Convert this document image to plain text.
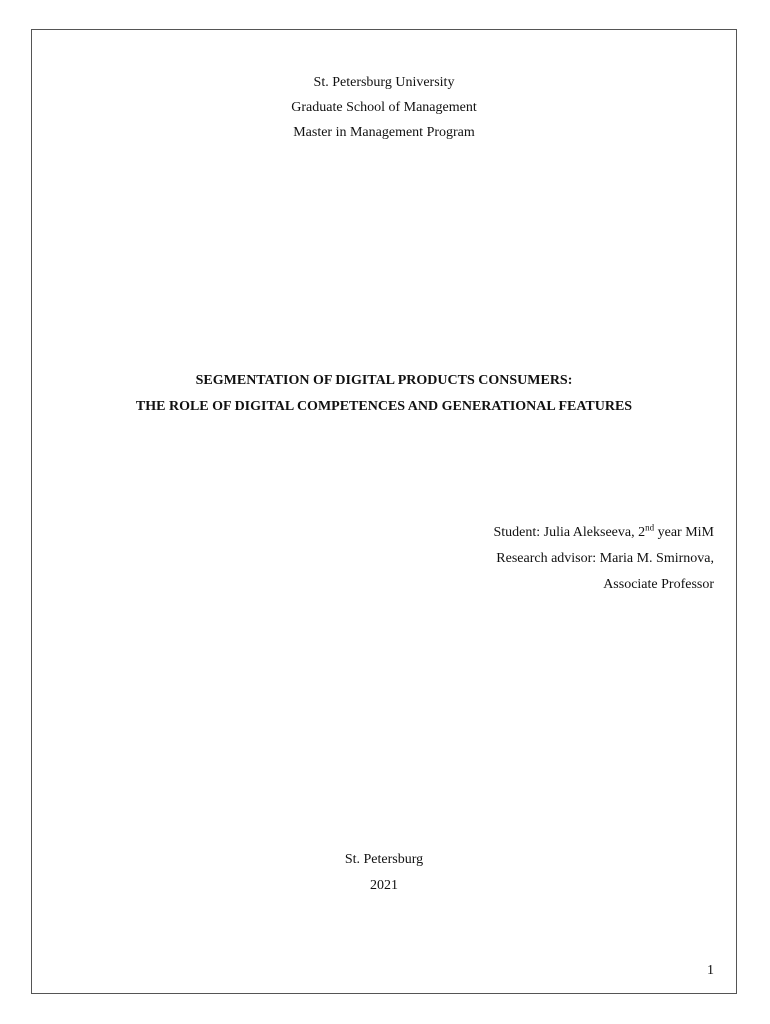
St. Petersburg University
Graduate School of Management
Master in Management Program
SEGMENTATION OF DIGITAL PRODUCTS CONSUMERS:
THE ROLE OF DIGITAL COMPETENCES AND GENERATIONAL FEATURES
Student: Julia Alekseeva, 2nd year MiM
Research advisor: Maria M. Smirnova,
Associate Professor
St. Petersburg
2021
1
